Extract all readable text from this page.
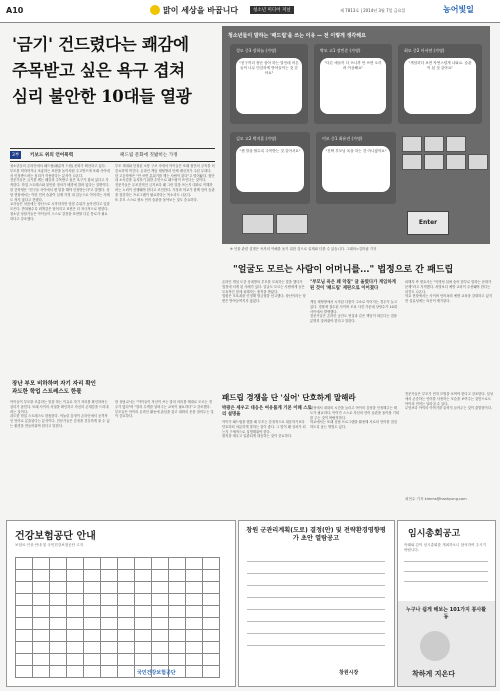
A10	맑이 세상을 바꿉니다	청소년 미디어 저널	제 7813호 | 2014년 3월 7일 금요일	농어빛일
'금기' 건드렸다는 쾌감에
주목받고 싶은 욕구 겹쳐
심리 불안한 10대들 열광
3부	키보드 위의 언어폭력	패드립 문화에 짓밟히는 가정
청소년들의 온라인에서 패드립(패륜적 드립) 문화가 확산하고 있다. 부모를 비하하거나 조롱하는 표현을 놀이처럼 주고받으며 또래 사이에서 인정받으려는 심리가 작용한다는 분석이 나온다.
전문가들은 금기를 깨는 쾌감과 주목받고 싶은 욕구가 겹쳐 있다고 지적한다. 학업 스트레스와 불안한 정서가 배경에 깔려 있다는 설명이다.
한 중학생은 "친구들 사이에서 센 말을 해야 인정받는다"고 말했다. 상담 현장에서는 이런 언어 습관이 실제 가정 내 갈등으로 이어지는 사례도 적지 않다고 전했다.
교사들은 처음에는 장난으로 시작하지만 점점 수위가 높아진다고 입을 모은다. 반복될수록 죄책감은 옅어지고 표현은 더 자극적으로 변한다.
청소년 상담가들은 아이들이 스스로 감정을 표현할 다른 통로가 필요하다고 강조했다.
부모 세대와 단절된 소통 구조 속에서 아이들은 또래 집단의 규칙을 더 중요하게 여긴다. 온라인 게임 채팅방과 단체 메신저가 주된 무대다.
한 고등학생은 "안 쓰면 분위기를 깨는 사람이 된다"고 털어놨다. 집단 내 소속감을 유지하기 위한 수단으로 패드립이 쓰인다는 것이다.
전문가들은 무조건적인 금지보다 왜 그런 말을 쓰는지 대화로 이해하려는 노력이 선행돼야 한다고 조언한다. 가정과 학교가 함께 언어 습관을 점검하는 프로그램이 필요하다는 목소리도 나온다.
또 부모 스스로 평소 언어 습관을 돌아보는 것도 중요하다.
청소년들이 말하는 '패드립'을 쓰는 이유 — 전 이렇게 생각해요
성모 중3 장하늘 (가명)
"친구끼리 장난 삼아 하는 말인데 어른들이 너무 민감하게 받아들이는 것 같아요"
박모 고1 장민준 (가명)
"다른 애들이 다 쓰니까 안 쓰면 오히려 이상해요"
최모 중2 이서연 (가명)
"게임하다 보면 자연스럽게 나와요. 습관이 된 것 같아요"
김모 고2 박지훈 (가명)
"센 말을 할수록 주목받는 것 같아서요"
이모 중1 최유진 (가명)
"진짜 부모님 욕을 하는 건 아니잖아요"
Enter
※ 인물 관련 설명은 독자의 이해를 돕기 위한 것으로 실제와 다를 수 있습니다. 그래픽=김미림 기자
"얼굴도 모르는 사람이 어머니를..." 법정으로 간 패드립
장난 부모 비하하며 자기 자리 확인
과도한 학업 스트레스도 한몫
아이들이 부모를 조롱하는 말을 하는 이유로 자기 자리를 확인하려는 심리가 꼽힌다. 또래 사이의 서열을 확인하고 자신의 존재감을 드러내려는 것이다.
과도한 학업 스트레스도 한몫한다. 억눌린 감정이 온라인에서 공격적인 언어로 분출된다는 분석이다. 전문가들은 감정을 건강하게 풀 수 있는 환경을 만들어줘야 한다고 말한다.
한 상담교사는 "아이들이 자신이 쓰는 말의 의미를 제대로 모르는 경우가 많다"며 "말의 무게를 알려주는 교육이 필요하다"고 강조했다.
부모들은 아이의 온라인 활동에 관심을 갖고 대화의 문을 열어두는 것이 중요하다.
온라인 게임 도중 상대방의 부모를 모욕하는 말을 했다가 법정에 서게 된 사례가 있다. 얼굴도 모르는 사람에게 들은 모욕적인 말에 피해자는 충격을 받았다.
법원은 모욕죄를 인정해 벌금형을 선고했다. 장난이라는 항변은 받아들여지지 않았다.
"부모님 욕은 꽤 악질" 글 올렸다가 게임하게 된 것이 '패드립' 재판으로 이어졌다
게임 채팅방에서 시작된 다툼이 고소로 이어지는 경우가 늘고 있다. 경찰에 접수된 사이버 모욕 사건 가운데 상당수가 10대 사이에서 발생했다.
전문가들은 온라인 공간도 현실과 같은 책임이 따른다는 점을 분명히 알려줘야 한다고 말한다.
피해자 측 변호사는 "익명성 뒤에 숨어 함부로 말하는 문화가 문제"라고 지적했다. 처벌보다 예방 교육이 우선돼야 한다는 의견도 나온다.
학교 현장에서는 사이버 언어폭력 예방 교육을 강화하고 있지만 실효성에는 의문이 제기된다.
패드립 경쟁을 단 '실어' 단호하게 말해라
박광은 세우고 대응은 여유롭게 기본 이해 스토리 설명을
아이가 패드립을 했을 때 부모는 감정적으로 대응하기보다 단호하되 차분하게 말하는 것이 좋다. 그 말이 왜 상처가 되는지 구체적으로 설명해줘야 한다.
원칙을 세우고 일관되게 대응하는 것이 중요하다.
가정에서 대화의 시간을 늘리고 아이의 감정을 인정해주는 태도가 필요하다. 아이가 스스로 자신의 언어 습관을 돌아볼 기회를 주는 것이 바람직하다.
학교에서는 또래 상담 프로그램을 활용해 서로의 언어를 점검하도록 돕는 방법도 있다.
전문가들은 부모가 먼저 모범을 보여야 한다고 강조한다. 일상에서 존중하는 언어를 사용하는 모습을 보여주는 것만으로도 아이의 언어는 달라질 수 있다.
무엇보다 아이의 이야기를 끝까지 들어주는 것이 출발점이다.
최민수 기자 kimms@hankyung.com
건강보험공단 안내
보험료 인상 안내 및 국민건강보험공단 고지

국민건강보험공단
창원 군관리계획(도로) 결정(안) 및 전략환경영향평가 초안 열람공고
창원시장
임시총회공고
아래와 같이 임시총회를 개최하오니 참석하여 주시기 바랍니다.
누구나 쉽게 해보는 101가지 봉사활동
착하게 지온다
